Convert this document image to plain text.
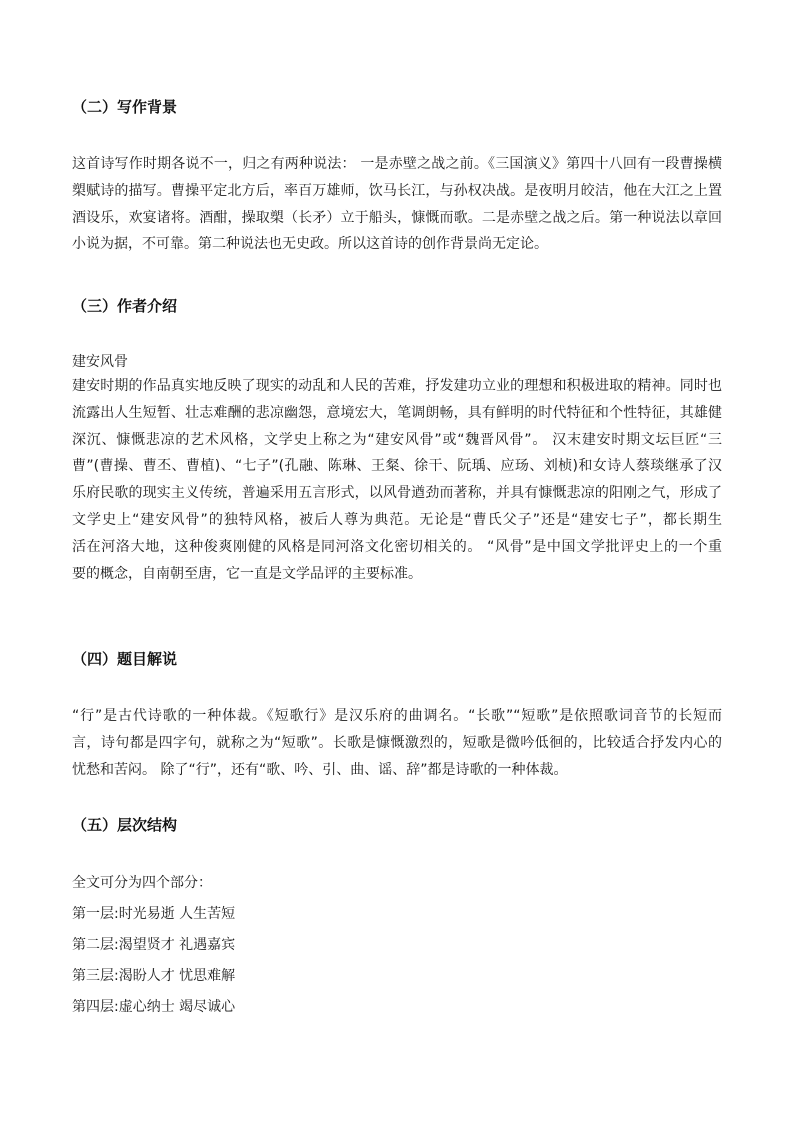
（二）写作背景
这首诗写作时期各说不一，归之有两种说法： 一是赤壁之战之前。《三国演义》第四十八回有一段曹操横
槊赋诗的描写。曹操平定北方后，率百万雄师，饮马长江，与孙权决战。是夜明月皎洁，他在大江之上置
酒设乐，欢宴诸将。酒酣，操取槊（长矛）立于船头，慷慨而歌。二是赤壁之战之后。第一种说法以章回
小说为据，不可靠。第二种说法也无史政。所以这首诗的创作背景尚无定论。
（三）作者介绍
建安风骨
建安时期的作品真实地反映了现实的动乱和人民的苦难，抒发建功立业的理想和积极进取的精神。同时也
流露出人生短暂、壮志难酬的悲凉幽怨，意境宏大，笔调朗畅，具有鲜明的时代特征和个性特征，其雄健
深沉、慷慨悲凉的艺术风格，文学史上称之为“建安风骨”或“魏晋风骨”。 汉末建安时期文坛巨匠“三
曹”(曹操、曹丕、曹植)、“七子”(孔融、陈琳、王粲、徐干、阮瑀、应玚、刘桢)和女诗人蔡琰继承了汉
乐府民歌的现实主义传统，普遍采用五言形式，以风骨遒劲而著称，并具有慷慨悲凉的阳刚之气，形成了
文学史上“建安风骨”的独特风格，被后人尊为典范。无论是“曹氏父子”还是“建安七子”，都长期生
活在河洛大地，这种俊爽刚健的风格是同河洛文化密切相关的。 “风骨”是中国文学批评史上的一个重
要的概念，自南朝至唐，它一直是文学品评的主要标准。
（四）题目解说
“行”是古代诗歌的一种体裁。《短歌行》是汉乐府的曲调名。“长歌”“短歌”是依照歌词音节的长短而
言，诗句都是四字句，就称之为“短歌”。长歌是慷慨激烈的，短歌是微吟低徊的，比较适合抒发内心的
忧愁和苦闷。 除了“行”，还有“歌、吟、引、曲、谣、辞”都是诗歌的一种体裁。
（五）层次结构
全文可分为四个部分：
第一层:时光易逝 人生苦短
第二层:渴望贤才 礼遇嘉宾
第三层:渴盼人才 忧思难解
第四层:虚心纳士 竭尽诚心
